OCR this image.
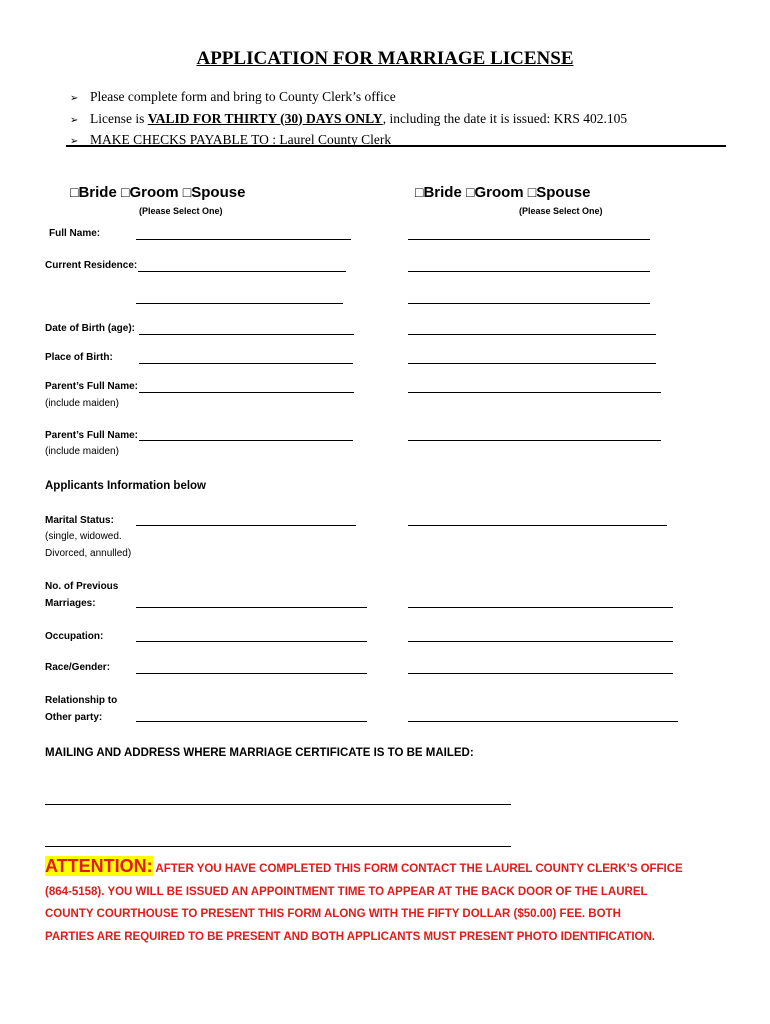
APPLICATION FOR MARRIAGE LICENSE
➢ Please complete form and bring to County Clerk’s office
➢ License is VALID FOR THIRTY (30) DAYS ONLY , including the date it is issued: KRS 402.105
➢ MAKE CHECKS PAYABLE TO : Laurel County Clerk
□Bride □Groom □Spouse
(Please Select One)
□Bride □Groom □Spouse
(Please Select One)
Full Name:
Current Residence:
Date of Birth (age):
Place of Birth:
Parent’s Full Name:
(include maiden)
Parent’s Full Name:
(include maiden)
Applicants Information below
Marital Status:
(single, widowed.
Divorced, annulled)
No. of Previous
Marriages:
Occupation:
Race/Gender:
Relationship to
Other party:
MAILING AND ADDRESS WHERE MARRIAGE CERTIFICATE IS TO BE MAILED:
ATTENTION: AFTER YOU HAVE COMPLETED THIS FORM CONTACT THE LAUREL COUNTY CLERK’S OFFICE
(864-5158). YOU WILL BE ISSUED AN APPOINTMENT TIME TO APPEAR AT THE BACK DOOR OF THE LAUREL
COUNTY COURTHOUSE TO PRESENT THIS FORM ALONG WITH THE FIFTY DOLLAR ($50.00) FEE. BOTH
PARTIES ARE REQUIRED TO BE PRESENT AND BOTH APPLICANTS MUST PRESENT PHOTO IDENTIFICATION.
